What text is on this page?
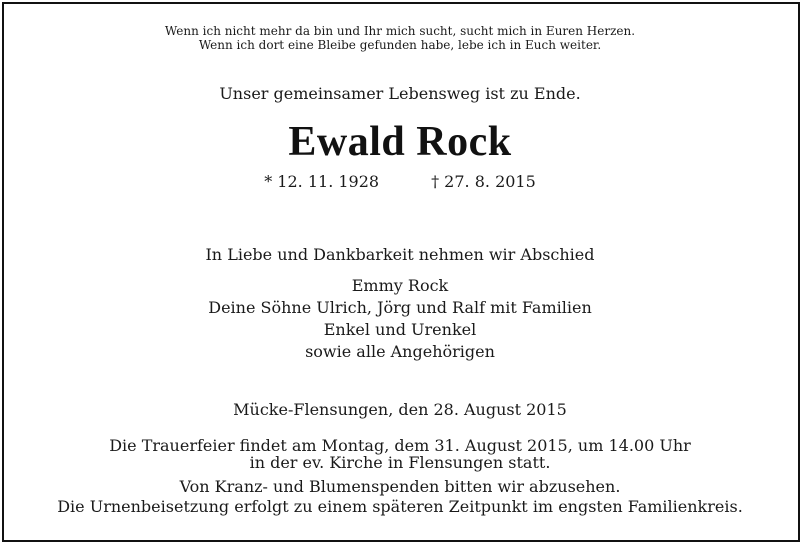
Wenn ich nicht mehr da bin und Ihr mich sucht, sucht mich in Euren Herzen.
Wenn ich dort eine Bleibe gefunden habe, lebe ich in Euch weiter.
Unser gemeinsamer Lebensweg ist zu Ende.
Ewald Rock
* 12. 11. 1928	† 27. 8. 2015
In Liebe und Dankbarkeit nehmen wir Abschied
Emmy Rock
Deine Söhne Ulrich, Jörg und Ralf mit Familien
Enkel und Urenkel
sowie alle Angehörigen
Mücke-Flensungen, den 28. August 2015
Die Trauerfeier findet am Montag, dem 31. August 2015, um 14.00 Uhr
in der ev. Kirche in Flensungen statt.
Von Kranz- und Blumenspenden bitten wir abzusehen.
Die Urnenbeisetzung erfolgt zu einem späteren Zeitpunkt im engsten Familienkreis.
